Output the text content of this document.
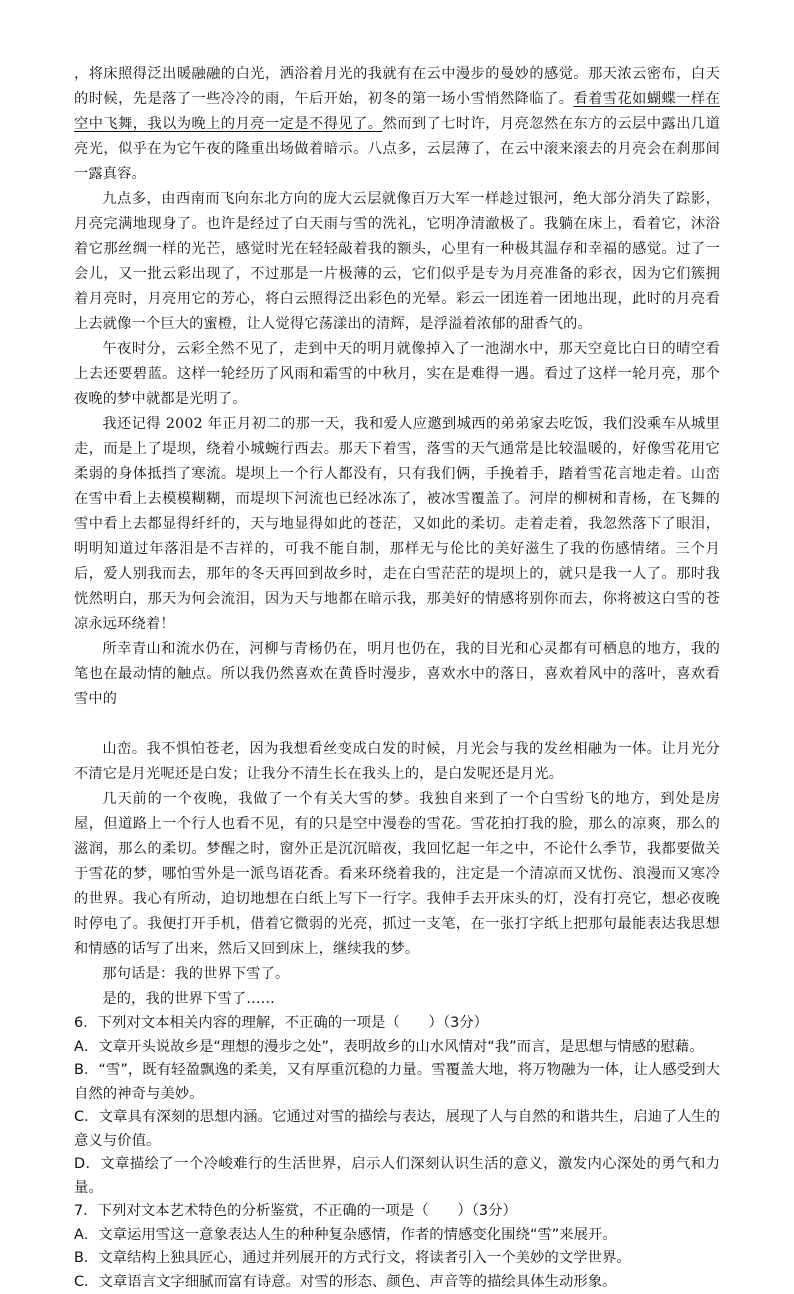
，将床照得泛出暖融融的白光，洒浴着月光的我就有在云中漫步的曼妙的感觉。那天浓云密布，白天的时候，先是落了一些冷冷的雨，午后开始，初冬的第一场小雪悄然降临了。看着雪花如蝴蝶一样在空中飞舞，我以为晚上的月亮一定是不得见了。然而到了七时许，月亮忽然在东方的云层中露出几道亮光，似乎在为它午夜的隆重出场做着暗示。八点多，云层薄了，在云中滚来滚去的月亮会在刹那间一露真容。

九点多，由西南而飞向东北方向的庞大云层就像百万大军一样趁过银河，绝大部分消失了踪影，月亮完满地现身了。也许是经过了白天雨与雪的洗礼，它明净清澈极了。我躺在床上，看着它，沐浴着它那丝绸一样的光芒，感觉时光在轻轻敲着我的额头，心里有一种极其温存和幸福的感觉。过了一会儿，又一批云彩出现了，不过那是一片极薄的云，它们似乎是专为月亮准备的彩衣，因为它们簇拥着月亮时，月亮用它的芳心，将白云照得泛出彩色的光晕。彩云一团连着一团地出现，此时的月亮看上去就像一个巨大的蜜橙，让人觉得它荡漾出的清辉，是浮溢着浓郁的甜香气的。

午夜时分，云彩全然不见了，走到中天的明月就像掉入了一池湖水中，那天空竟比白日的晴空看上去还要碧蓝。这样一轮经历了风雨和霜雪的中秋月，实在是难得一遇。看过了这样一轮月亮，那个夜晚的梦中就都是光明了。

我还记得 2002 年正月初二的那一天，我和爱人应邀到城西的弟弟家去吃饭，我们没乘车从城里走，而是上了堤坝，绕着小城蜿行西去。那天下着雪，落雪的天气通常是比较温暖的，好像雪花用它柔弱的身体抵挡了寒流。堤坝上一个行人都没有，只有我们俩，手挽着手，踏着雪花言地走着。山峦在雪中看上去模模糊糊，而堤坝下河流也已经冰冻了，被冰雪覆盖了。河岸的柳树和青杨，在飞舞的雪中看上去都显得纤纤的，天与地显得如此的苍茫，又如此的柔切。走着走着，我忽然落下了眼泪，明明知道过年落泪是不吉祥的，可我不能自制，那样无与伦比的美好滋生了我的伤感情绪。三个月后，爱人别我而去，那年的冬天再回到故乡时，走在白雪茫茫的堤坝上的，就只是我一人了。那时我恍然明白，那天为何会流泪，因为天与地都在暗示我，那美好的情感将别你而去，你将被这白雪的苍凉永远环绕着！

所幸青山和流水仍在，河柳与青杨仍在，明月也仍在，我的目光和心灵都有可栖息的地方，我的笔也在最动情的触点。所以我仍然喜欢在黄昏时漫步，喜欢水中的落日，喜欢着风中的落叶，喜欢看雪中的

山峦。我不惧怕苍老，因为我想看丝变成白发的时候，月光会与我的发丝相融为一体。让月光分不清它是月光呢还是白发；让我分不清生长在我头上的，是白发呢还是月光。

几天前的一个夜晚，我做了一个有关大雪的梦。我独自来到了一个白雪纷飞的地方，到处是房屋，但道路上一个行人也看不见，有的只是空中漫卷的雪花。雪花拍打我的脸，那么的凉爽，那么的滋润，那么的柔切。梦醒之时，窗外正是沉沉暗夜，我回忆起一年之中，不论什么季节，我都要做关于雪花的梦，哪怕雪外是一派鸟语花香。看来环绕着我的，注定是一个清凉而又忧伤、浪漫而又寒冷的世界。我心有所动，迫切地想在白纸上写下一行字。我伸手去开床头的灯，没有打亮它，想必夜晚时停电了。我便打开手机，借着它微弱的光亮，抓过一支笔，在一张打字纸上把那句最能表达我思想和情感的话写了出来，然后又回到床上，继续我的梦。

那句话是：我的世界下雪了。

是的，我的世界下雪了……

6．下列对文本相关内容的理解，不正确的一项是（　　）（3分）

A．文章开头说故乡是“理想的漫步之处”，表明故乡的山水风情对“我”而言，是思想与情感的慰藉。

B．“雪”，既有轻盈飘逸的柔美，又有厚重沉稳的力量。雪覆盖大地，将万物融为一体，让人感受到大自然的神奇与美妙。

C．文章具有深刻的思想内涵。它通过对雪的描绘与表达，展现了人与自然的和谐共生，启迪了人生的意义与价值。

D．文章描绘了一个冷峻难行的生活世界，启示人们深刻认识生活的意义，激发内心深处的勇气和力量。

7．下列对文本艺术特色的分析鉴赏，不正确的一项是（　　）（3分）

A．文章运用雪这一意象表达人生的种种复杂感情，作者的情感变化围绕“雪”来展开。

B．文章结构上独具匠心，通过并列展开的方式行文，将读者引入一个美妙的文学世界。

C．文章语言文字细腻而富有诗意。对雪的形态、颜色、声音等的描绘具体生动形象。
